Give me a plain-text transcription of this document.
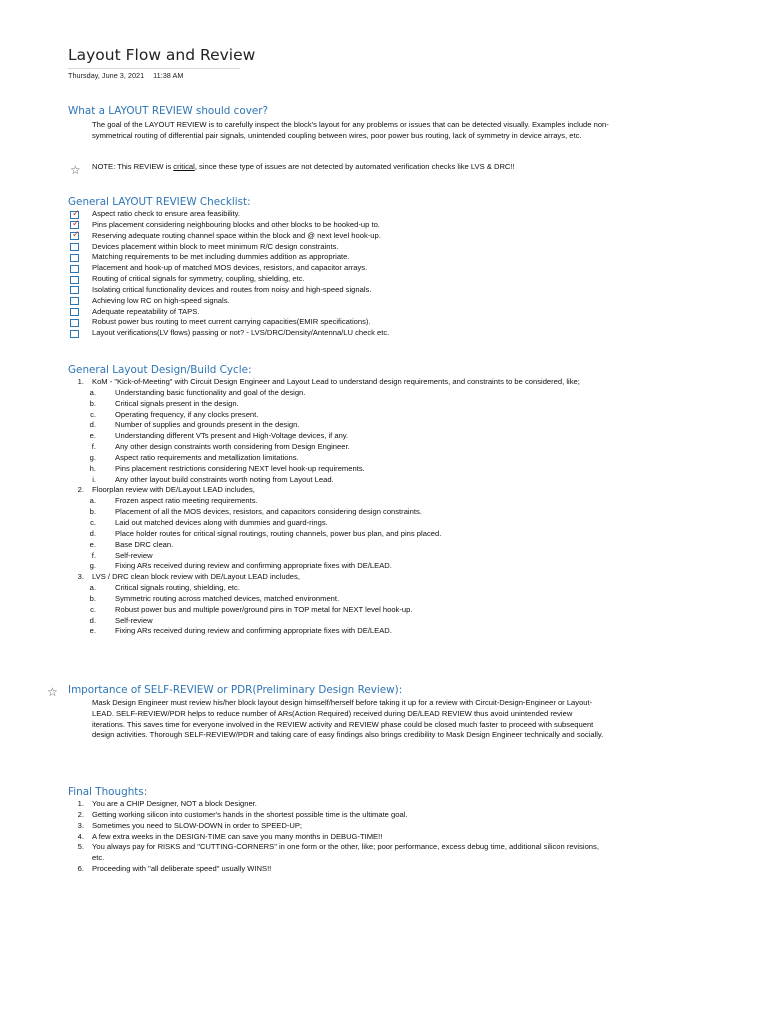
Layout Flow and Review
Thursday, June 3, 2021 11:38 AM
What a LAYOUT REVIEW should cover?

The goal of the LAYOUT REVIEW is to carefully inspect the block's layout for any problems or issues that can be detected visually. Examples include non-symmetrical routing of differential pair signals, unintended coupling between wires, poor power bus routing, lack of symmetry in device arrays, etc.

☆ NOTE: This REVIEW is critical, since these type of issues are not detected by automated verification checks like LVS & DRC!!

General LAYOUT REVIEW Checklist:
✓ Aspect ratio check to ensure area feasibility.
✓ Pins placement considering neighbouring blocks and other blocks to be hooked-up to.
✓ Reserving adequate routing channel space within the block and @ next level hook-up.
Devices placement within block to meet minimum R/C design constraints.
Matching requirements to be met including dummies addition as appropriate.
Placement and hook-up of matched MOS devices, resistors, and capacitor arrays.
Routing of critical signals for symmetry, coupling, shielding, etc.
Isolating critical functionality devices and routes from noisy and high-speed signals.
Achieving low RC on high-speed signals.
Adequate repeatability of TAPS.
Robust power bus routing to meet current carrying capacities(EMIR specifications).
Layout verifications(LV flows) passing or not? - LVS/DRC/Density/Antenna/LU check etc.
General Layout Design/Build Cycle:
1. KoM - "Kick-of-Meeting" with Circuit Design Engineer and Layout Lead to understand design requirements, and constraints to be considered, like;
a.	Understanding basic functionality and goal of the design.
b.	Critical signals present in the design.
c.	Operating frequency, if any clocks present.
d.	Number of supplies and grounds present in the design.
e.	Understanding different VTs present and High-Voltage devices, if any.
f.	Any other design constraints worth considering from Design Engineer.
g.	Aspect ratio requirements and metallization limitations.
h.	Pins placement restrictions considering NEXT level hook-up requirements.
i.	Any other layout build constraints worth noting from Layout Lead.
2. Floorplan review with DE/Layout LEAD includes,
a.	Frozen aspect ratio meeting requirements.
b.	Placement of all the MOS devices, resistors, and capacitors considering design constraints.
c.	Laid out matched devices along with dummies and guard-rings.
d.	Place holder routes for critical signal routings, routing channels, power bus plan, and pins placed.
e.	Base DRC clean.
f.	Self-review
g.	Fixing ARs received during review and confirming appropriate fixes with DE/LEAD.
3. LVS / DRC clean block review with DE/Layout LEAD includes,
a.	Critical signals routing, shielding, etc.
b.	Symmetric routing across matched devices, matched environment.
c.	Robust power bus and multiple power/ground pins in TOP metal for NEXT level hook-up.
d.	Self-review
e.	Fixing ARs received during review and confirming appropriate fixes with DE/LEAD.
☆ Importance of SELF-REVIEW or PDR(Preliminary Design Review):

Mask Design Engineer must review his/her block layout design himself/herself before taking it up for a review with Circuit-Design-Engineer or Layout-LEAD. SELF-REVIEW/PDR helps to reduce number of ARs(Action Required) received during DE/LEAD REVIEW thus avoid unintended review iterations. This saves time for everyone involved in the REVIEW activity and REVIEW phase could be closed much faster to proceed with subsequent design activities. Thorough SELF-REVIEW/PDR and taking care of easy findings also brings credibility to Mask Design Engineer technically and socially.

Final Thoughts:
1. You are a CHIP Designer, NOT a block Designer.
2. Getting working silicon into customer's hands in the shortest possible time is the ultimate goal.
3. Sometimes you need to SLOW-DOWN in order to SPEED-UP;
4. A few extra weeks in the DESIGN-TIME can save you many months in DEBUG-TIME!!
5. You always pay for RISKS and "CUTTING-CORNERS" in one form or the other, like; poor performance, excess debug time, additional silicon revisions, etc.
6. Proceeding with "all deliberate speed" usually WINS!!
